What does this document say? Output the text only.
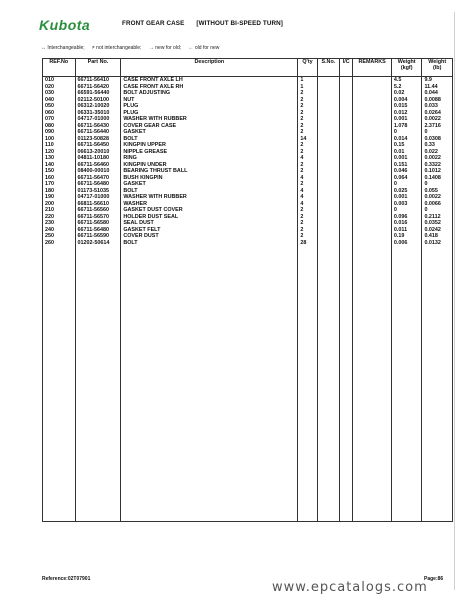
Kubota	FRONT GEAR CASE [WITHOUT BI-SPEED TURN]
↔ Interchangeable; ≠ not interchangeable; → new for old; ← old for new
REF.No	Part No.	Description	Q'ty	S.No.	I/C	REMARKS	Weight (kgf)	Weight (lb)
010	66711-56410	CASE FRONT AXLE LH	1				4.5	9.9
020	66711-56420	CASE FRONT AXLE RH	1				5.2	11.44
030	66591-56440	BOLT ADJUSTING	2				0.02	0.044
040	02112-50100	NUT	2				0.004	0.0088
050	06312-10020	PLUG	2				0.015	0.033
060	06331-35010	PLUG	2				0.012	0.0264
070	04717-01000	WASHER WITH RUBBER	2				0.001	0.0022
080	66711-56430	COVER GEAR CASE	2				1.078	2.3716
090	66711-56440	GASKET	2				0	0
100	01123-50828	BOLT	14				0.014	0.0308
110	66711-56450	KINGPIN UPPER	2				0.15	0.33
120	06613-20010	NIPPLE GREASE	2				0.01	0.022
130	04811-10180	RING	4				0.001	0.0022
140	66711-56460	KINGPIN UNDER	2				0.151	0.3322
150	08400-00010	BEARING THRUST BALL	2				0.046	0.1012
160	66711-56470	BUSH KINGPIN	4				0.064	0.1408
170	66711-56480	GASKET	2				0	0
180	01173-51035	BOLT	4				0.025	0.055
190	04717-01000	WASHER WITH RUBBER	4				0.001	0.0022
200	66811-56610	WASHER	4				0.003	0.0066
210	66711-56560	GASKET DUST COVER	2				0	0
220	66711-56570	HOLDER DUST SEAL	2				0.096	0.2112
230	66711-56580	SEAL DUST	2				0.016	0.0352
240	66711-56480	GASKET FELT	2				0.011	0.0242
250	66711-56590	COVER DUST	2				0.19	0.418
260	01202-50614	BOLT	28				0.006	0.0132

Reference:02T07901	Page:86
www.epcatalogs.com
